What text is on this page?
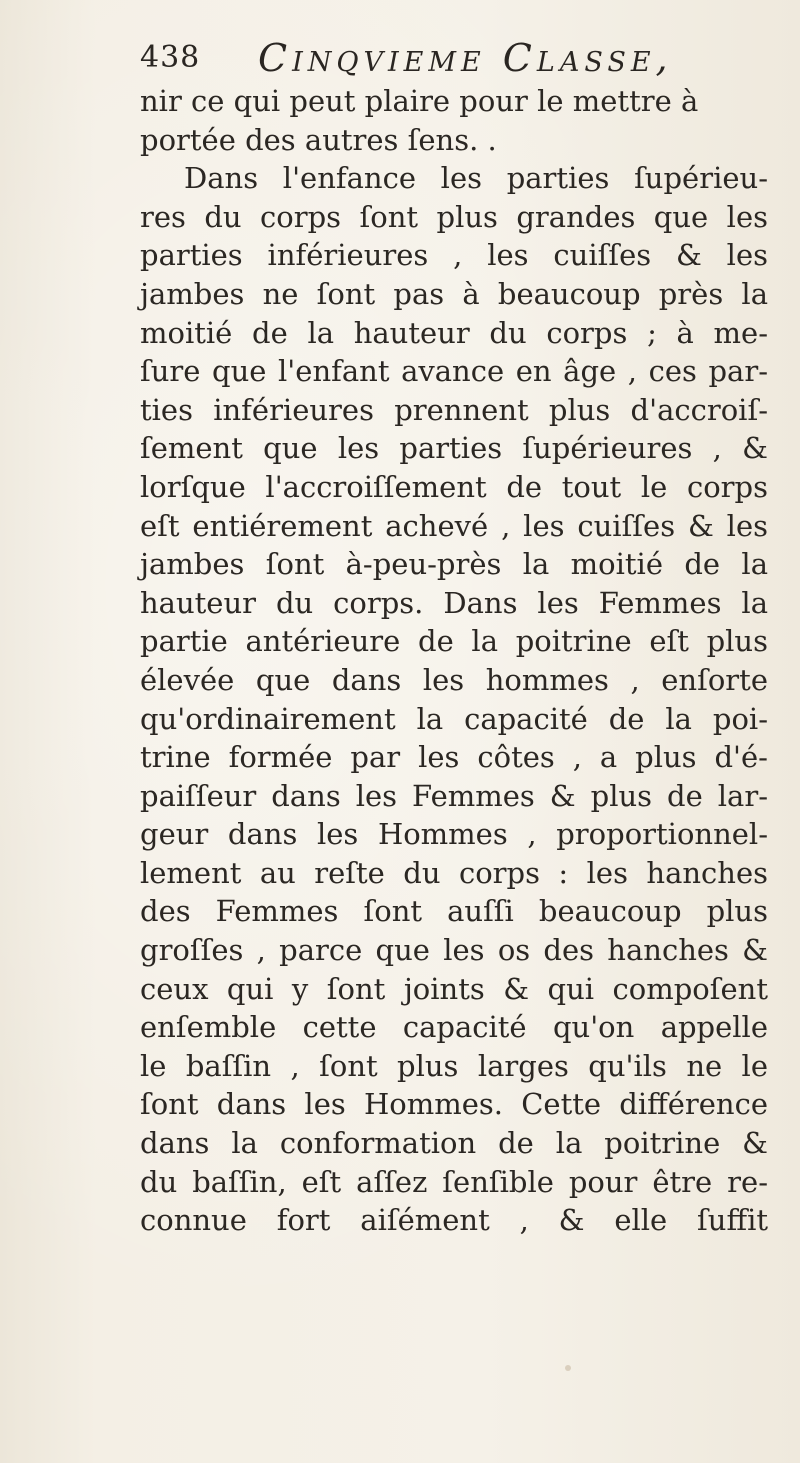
438 Cinqvieme Classe,
nir ce qui peut plaire pour le mettre à
portée des autres ſens. .
Dans l'enfance les parties ſupérieu-
res du corps ſont plus grandes que les
parties inférieures , les cuiſſes & les
jambes ne ſont pas à beaucoup près la
moitié de la hauteur du corps ; à me-
ſure que l'enfant avance en âge , ces par-
ties inférieures prennent plus d'accroiſ-
ſement que les parties ſupérieures , &
lorſque l'accroiſſement de tout le corps
eſt entiérement achevé , les cuiſſes & les
jambes ſont à-peu-près la moitié de la
hauteur du corps. Dans les Femmes la
partie antérieure de la poitrine eſt plus
élevée que dans les hommes , enſorte
qu'ordinairement la capacité de la poi-
trine formée par les côtes , a plus d'é-
paiſſeur dans les Femmes & plus de lar-
geur dans les Hommes , proportionnel-
lement au reſte du corps : les hanches
des Femmes ſont auſſi beaucoup plus
groſſes , parce que les os des hanches &
ceux qui y ſont joints & qui compoſent
enſemble cette capacité qu'on appelle
le baſſin , ſont plus larges qu'ils ne le
ſont dans les Hommes. Cette différence
dans la conformation de la poitrine &
du baſſin, eſt aſſez ſenſible pour être re-
connue fort aiſément , & elle ſuffit
